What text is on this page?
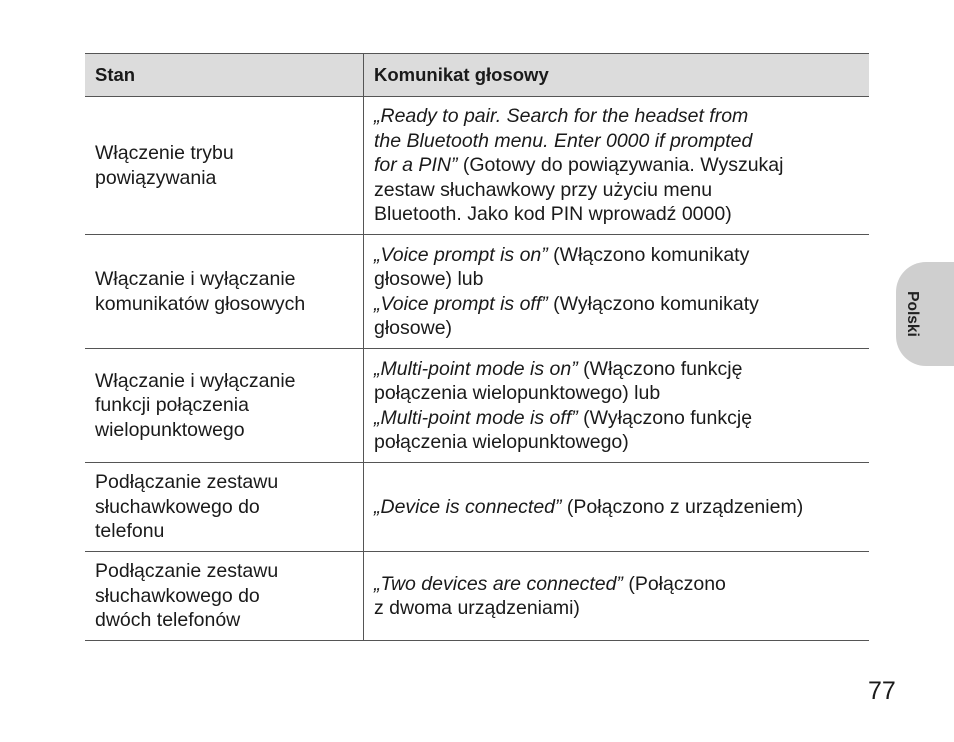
Stan	Komunikat głosowy

Włączenie trybu
powiązywania	„Ready to pair. Search for the headset from
the Bluetooth menu. Enter 0000 if prompted
for a PIN” (Gotowy do powiązywania. Wyszukaj
zestaw słuchawkowy przy użyciu menu
Bluetooth. Jako kod PIN wprowadź 0000)

Włączanie i wyłączanie
komunikatów głosowych	„Voice prompt is on” (Włączono komunikaty
głosowe) lub
„Voice prompt is off” (Wyłączono komunikaty
głosowe)

Włączanie i wyłączanie
funkcji połączenia
wielopunktowego	„Multi-point mode is on” (Włączono funkcję
połączenia wielopunktowego) lub
„Multi-point mode is off” (Wyłączono funkcję
połączenia wielopunktowego)

Podłączanie zestawu
słuchawkowego do
telefonu	„Device is connected” (Połączono z urządzeniem)

Podłączanie zestawu
słuchawkowego do
dwóch telefonów	„Two devices are connected” (Połączono
z dwoma urządzeniami)
Polski
77
